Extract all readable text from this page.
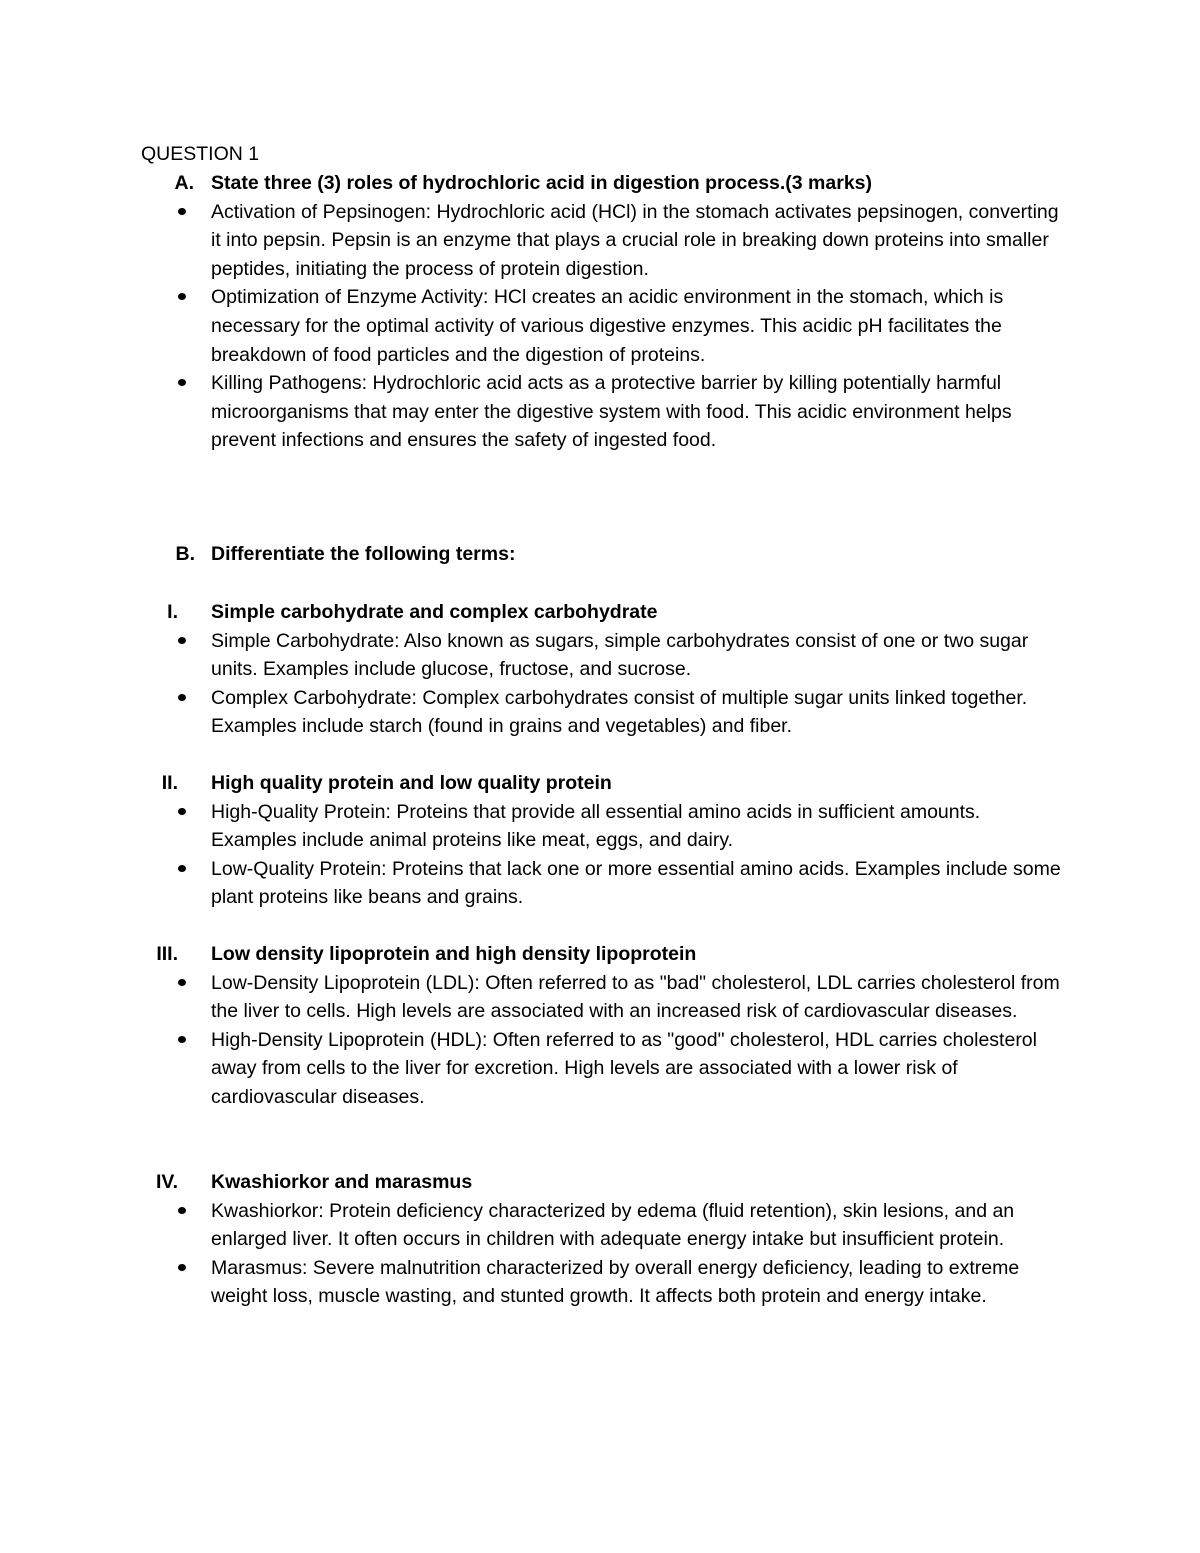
QUESTION 1
A. State three (3) roles of hydrochloric acid in digestion process.(3 marks)
Activation of Pepsinogen: Hydrochloric acid (HCl) in the stomach activates pepsinogen, converting it into pepsin. Pepsin is an enzyme that plays a crucial role in breaking down proteins into smaller peptides, initiating the process of protein digestion.
Optimization of Enzyme Activity: HCl creates an acidic environment in the stomach, which is necessary for the optimal activity of various digestive enzymes. This acidic pH facilitates the breakdown of food particles and the digestion of proteins.
Killing Pathogens: Hydrochloric acid acts as a protective barrier by killing potentially harmful microorganisms that may enter the digestive system with food. This acidic environment helps prevent infections and ensures the safety of ingested food.
B. Differentiate the following terms:
I. Simple carbohydrate and complex carbohydrate
Simple Carbohydrate: Also known as sugars, simple carbohydrates consist of one or two sugar units. Examples include glucose, fructose, and sucrose.
Complex Carbohydrate: Complex carbohydrates consist of multiple sugar units linked together. Examples include starch (found in grains and vegetables) and fiber.
II. High quality protein and low quality protein
High-Quality Protein: Proteins that provide all essential amino acids in sufficient amounts. Examples include animal proteins like meat, eggs, and dairy.
Low-Quality Protein: Proteins that lack one or more essential amino acids. Examples include some plant proteins like beans and grains.
III. Low density lipoprotein and high density lipoprotein
Low-Density Lipoprotein (LDL): Often referred to as "bad" cholesterol, LDL carries cholesterol from the liver to cells. High levels are associated with an increased risk of cardiovascular diseases.
High-Density Lipoprotein (HDL): Often referred to as "good" cholesterol, HDL carries cholesterol away from cells to the liver for excretion. High levels are associated with a lower risk of cardiovascular diseases.
IV. Kwashiorkor and marasmus
Kwashiorkor: Protein deficiency characterized by edema (fluid retention), skin lesions, and an enlarged liver. It often occurs in children with adequate energy intake but insufficient protein.
Marasmus: Severe malnutrition characterized by overall energy deficiency, leading to extreme weight loss, muscle wasting, and stunted growth. It affects both protein and energy intake.
